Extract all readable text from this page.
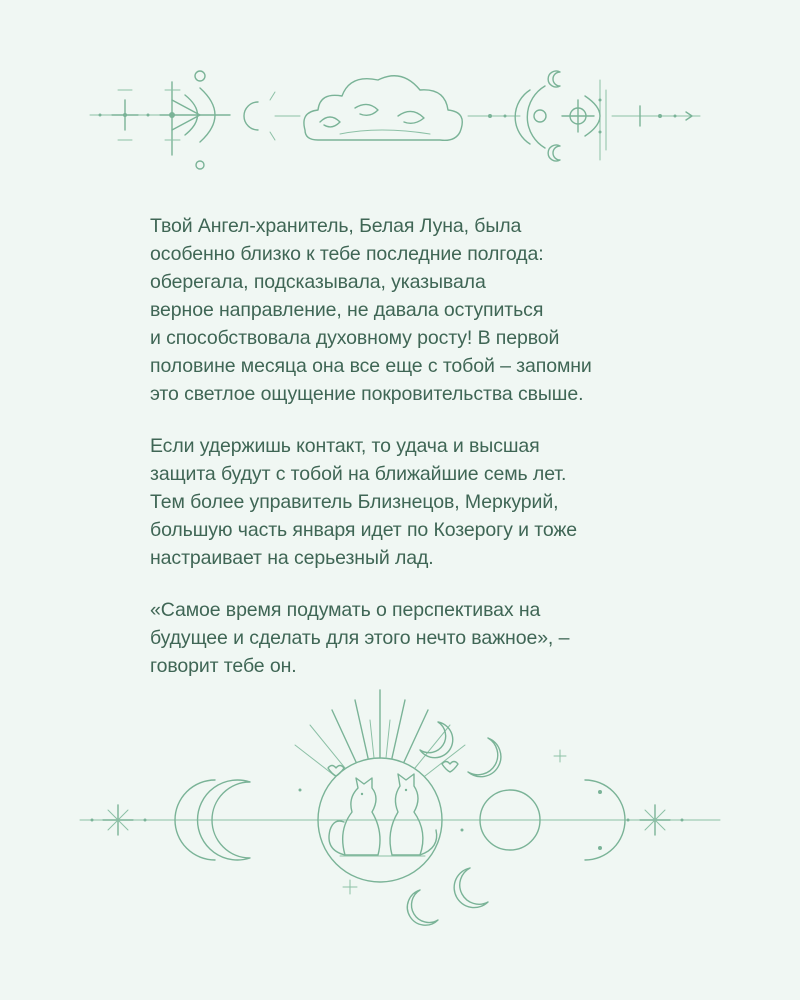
Твой Ангел-хранитель, Белая Луна, была
особенно близко к тебе последние полгода:
оберегала, подсказывала, указывала
верное направление, не давала оступиться
и способствовала духовному росту! В первой
половине месяца она все еще с тобой – запомни
это светлое ощущение покровительства свыше.

Если удержишь контакт, то удача и высшая
защита будут с тобой на ближайшие семь лет.
Тем более управитель Близнецов, Меркурий,
большую часть января идет по Козерогу и тоже
настраивает на серьезный лад.

«Самое время подумать о перспективах на
будущее и сделать для этого нечто важное», –
говорит тебе он.
